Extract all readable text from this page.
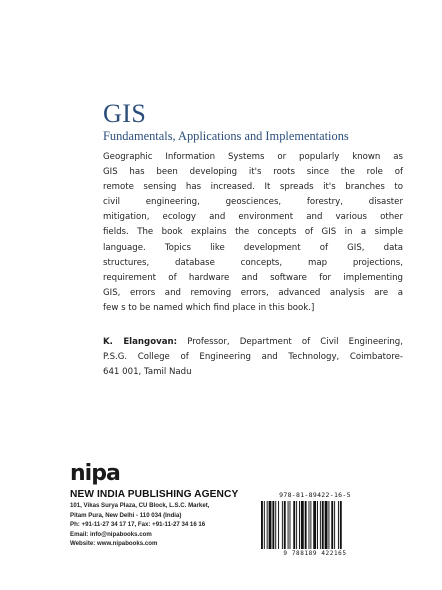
GIS
Fundamentals, Applications and Implementations
Geographic Information Systems or popularly known as
GIS has been developing it's roots since the role of
remote sensing has increased. It spreads it's branches to
civil engineering, geosciences, forestry, disaster
mitigation, ecology and environment and various other
fields. The book explains the concepts of GIS in a simple
language. Topics like development of GIS, data
structures, database concepts, map projections,
requirement of hardware and software for implementing
GIS, errors and removing errors, advanced analysis are a
few s to be named which find place in this book.]
K. Elangovan: Professor, Department of Civil Engineering,
P.S.G. College of Engineering and Technology, Coimbatore-
641 001, Tamil Nadu
nipa
NEW INDIA PUBLISHING AGENCY
101, Vikas Surya Plaza, CU Block, L.S.C. Market,
Pitam Pura, New Delhi - 110 034 (India)
Ph: +91-11-27 34 17 17, Fax: +91-11-27 34 16 16
Email: info@nipabooks.com
Website: www.nipabooks.com
978-81-89422-16-5
9 788189 422165
